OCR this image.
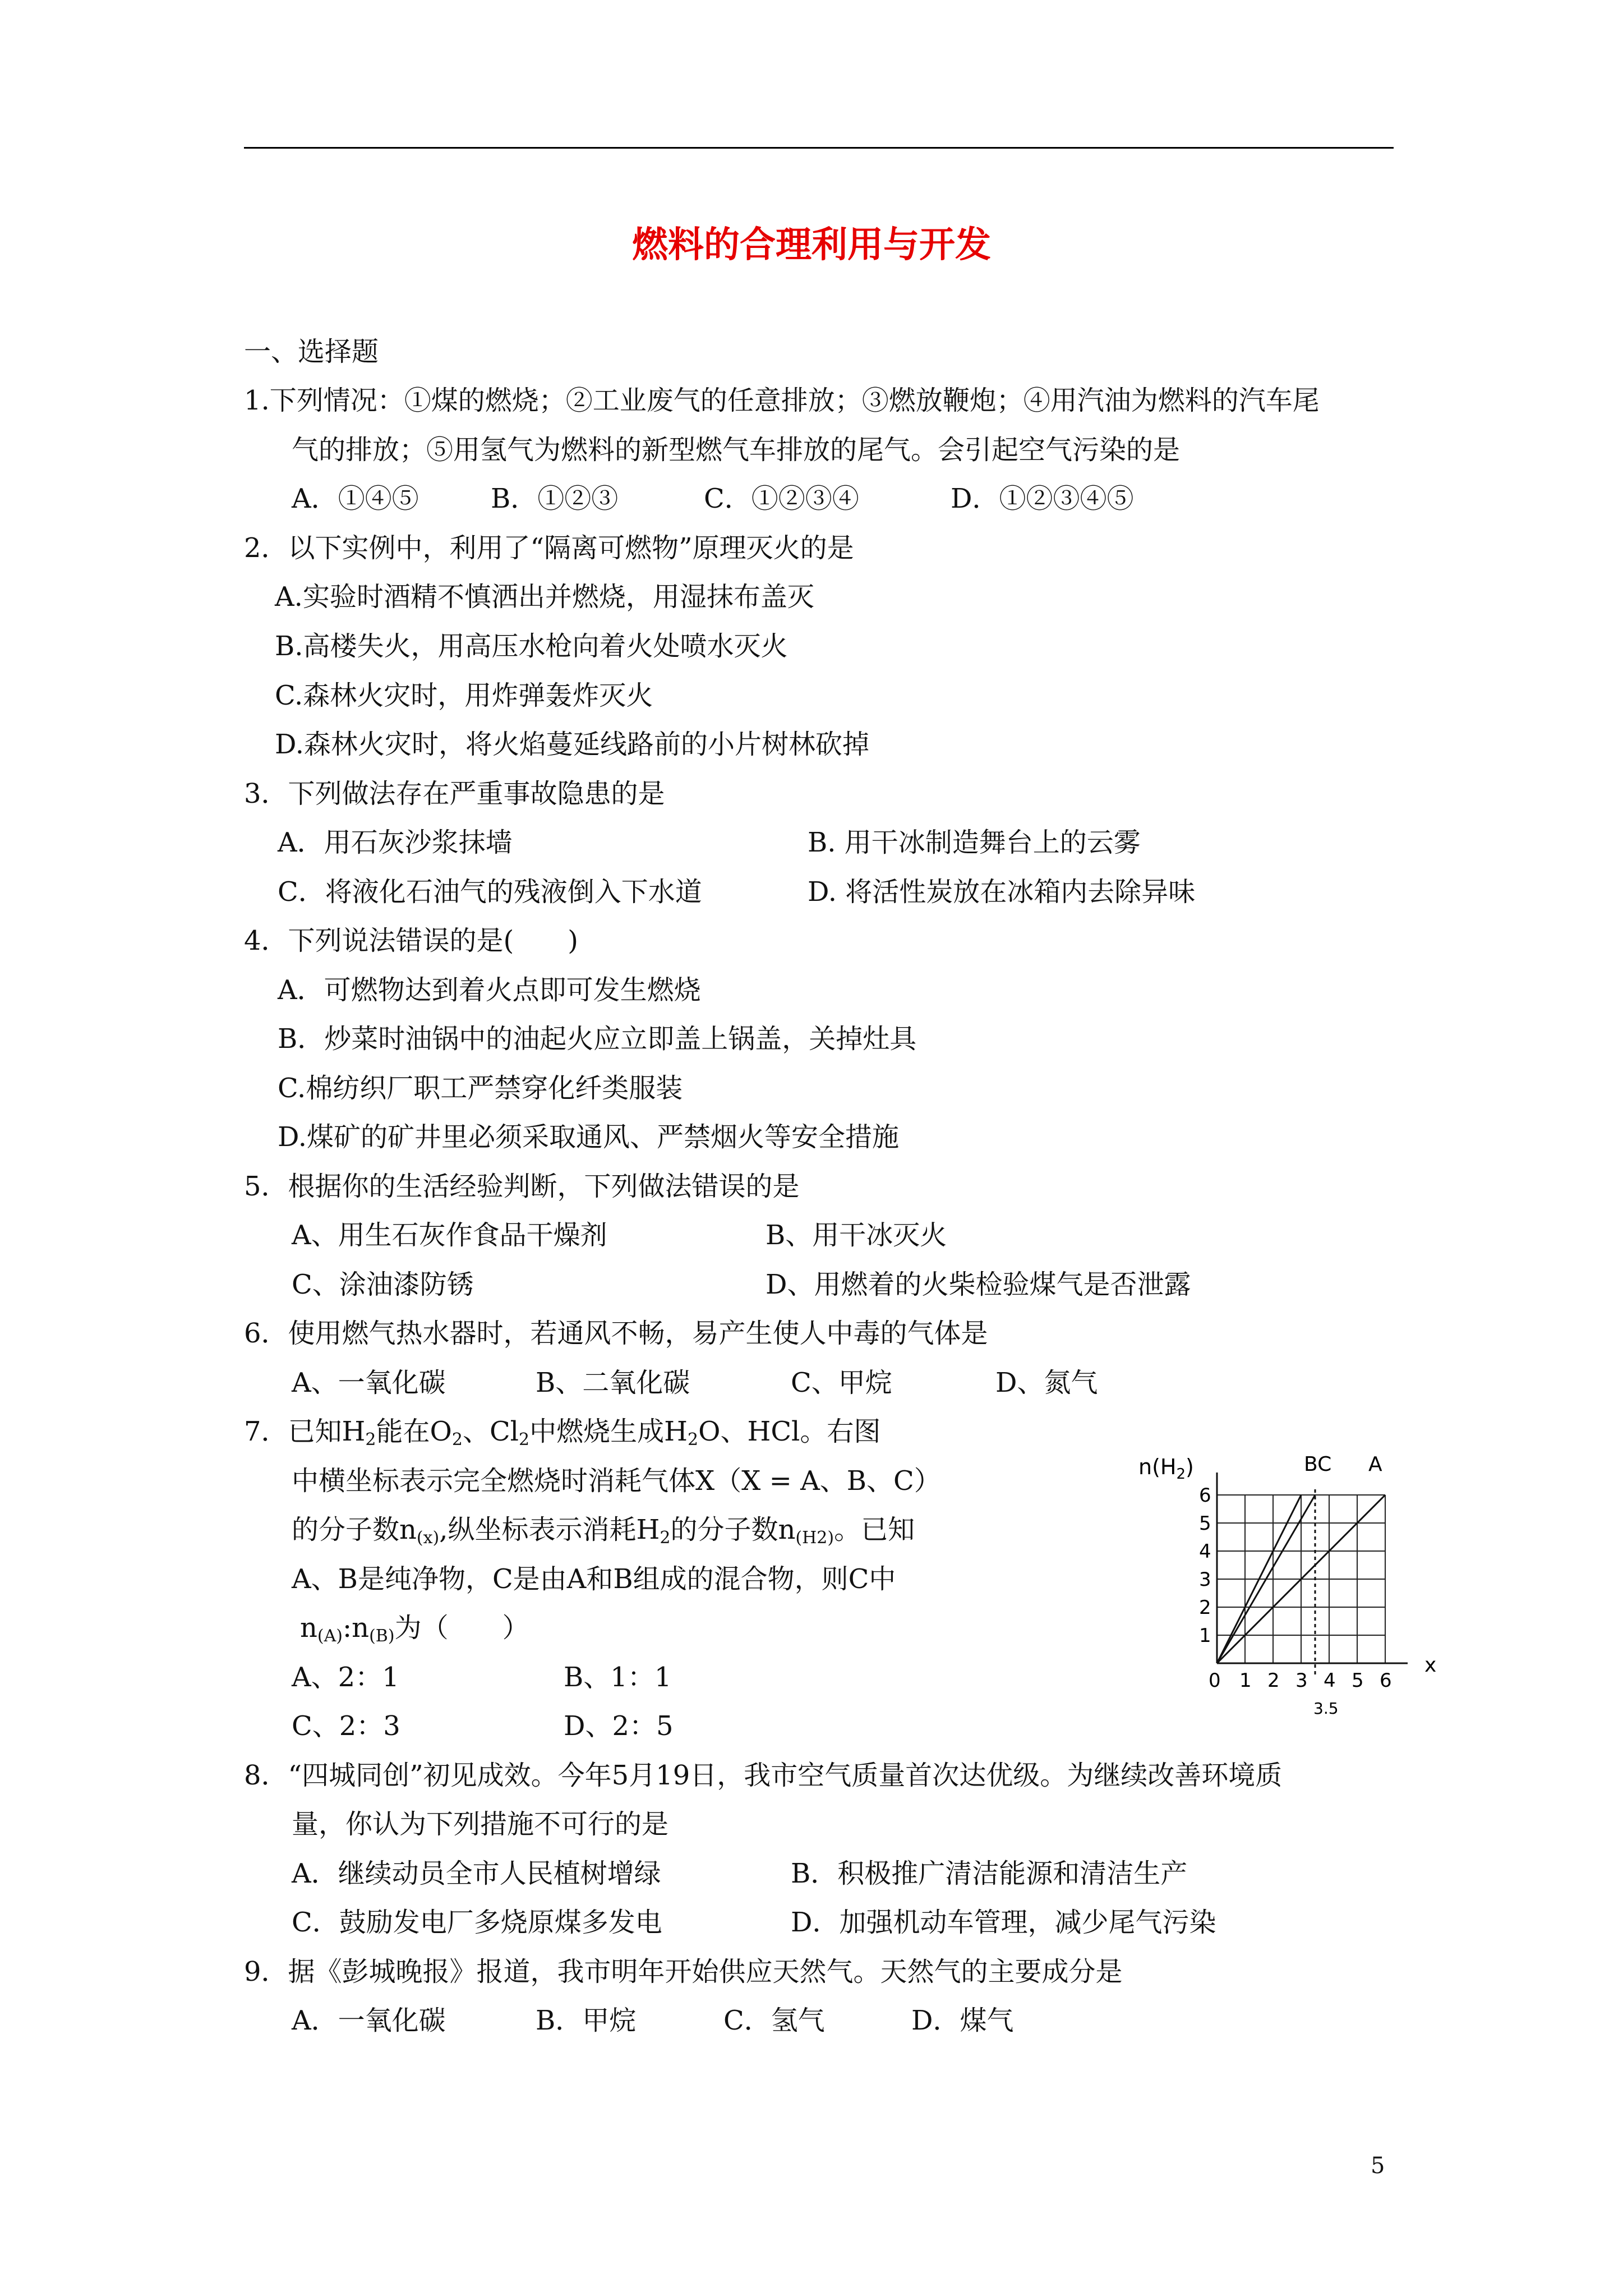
燃料的合理利用与开发
一、选择题
1.下列情况：①煤的燃烧；②工业废气的任意排放；③燃放鞭炮；④用汽油为燃料的汽车尾
气的排放；⑤用氢气为燃料的新型燃气车排放的尾气。会引起空气污染的是
A．①④⑤	B．①②③	C．①②③④	D．①②③④⑤
2．以下实例中，利用了“隔离可燃物”原理灭火的是
A.实验时酒精不慎洒出并燃烧，用湿抹布盖灭
B.高楼失火，用高压水枪向着火处喷水灭火
C.森林火灾时，用炸弹轰炸灭火
D.森林火灾时，将火焰蔓延线路前的小片树林砍掉
3．下列做法存在严重事故隐患的是
A．用石灰沙浆抹墙	B. 用干冰制造舞台上的云雾
C．将液化石油气的残液倒入下水道	D. 将活性炭放在冰箱内去除异味
4．下列说法错误的是(　　)
A．可燃物达到着火点即可发生燃烧
B．炒菜时油锅中的油起火应立即盖上锅盖，关掉灶具
C.棉纺织厂职工严禁穿化纤类服装
D.煤矿的矿井里必须采取通风、严禁烟火等安全措施
5．根据你的生活经验判断，下列做法错误的是
A、用生石灰作食品干燥剂	B、用干冰灭火
C、涂油漆防锈	D、用燃着的火柴检验煤气是否泄露
6．使用燃气热水器时，若通风不畅，易产生使人中毒的气体是
A、一氧化碳	B、二氧化碳	C、甲烷	D、氮气
7．已知$H_2$能在$O_2$、$Cl_2$中燃烧生成$H_2O$、HCl。右图
中横坐标表示完全燃烧时消耗气体X（X = A、B、C）
的分子数$n_{(x)}$,纵坐标表示消耗$H_2$的分子数$n_{(H2)}$。已知
A、B是纯净物，C是由A和B组成的混合物，则C中
$n_{(A)}:n_{(B)}$为（　　）
A、2：1	B、1：1
C、2：3	D、2：5
1 2 3 4 5 6
1
2
3
4
5
6
$n(H_2)$	BC A
x
0
3.5
8．“四城同创”初见成效。今年5月19日，我市空气质量首次达优级。为继续改善环境质
量，你认为下列措施不可行的是
A．继续动员全市人民植树增绿	B．积极推广清洁能源和清洁生产
C．鼓励发电厂多烧原煤多发电	D．加强机动车管理，减少尾气污染
9．据《彭城晚报》报道，我市明年开始供应天然气。天然气的主要成分是
A．一氧化碳	B．甲烷	C．氢气	D．煤气
5
